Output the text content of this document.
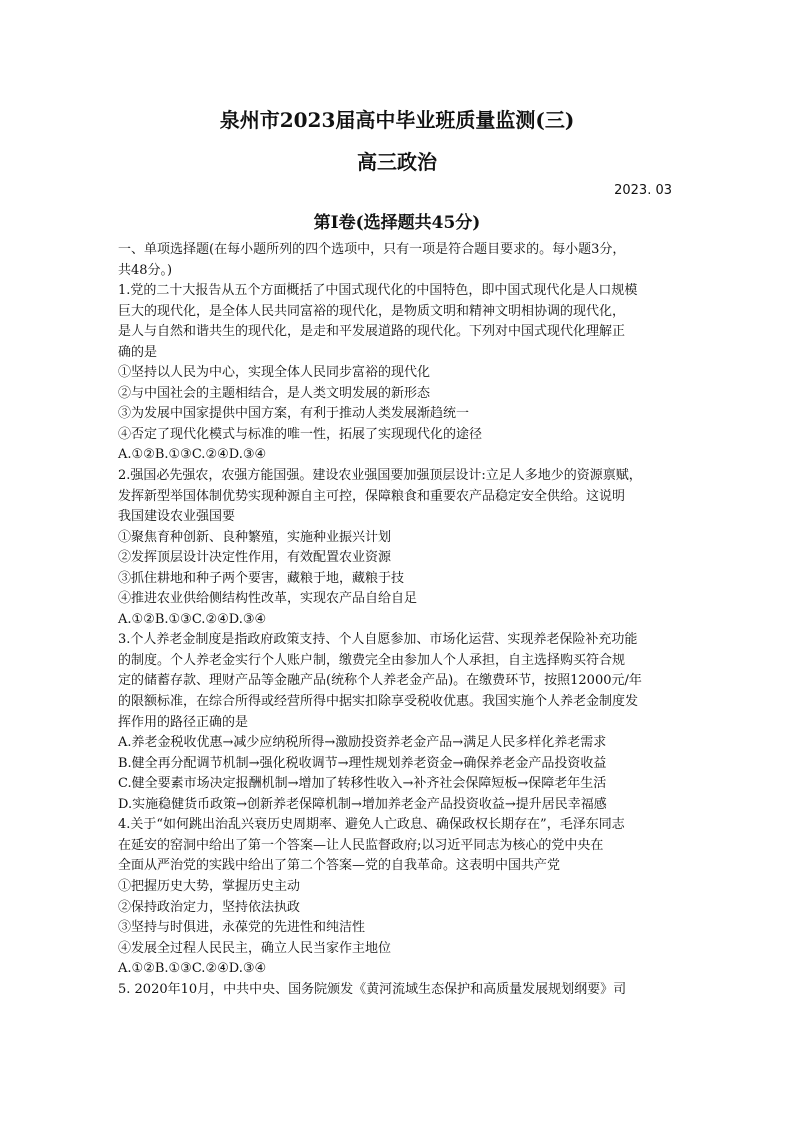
泉州市2023届高中毕业班质量监测(三)
高三政治
2023. 03
第Ⅰ卷(选择题共45分)
一、单项选择题(在每小题所列的四个选项中，只有一项是符合题目要求的。每小题3分，
共48分。)
1.党的二十大报告从五个方面概括了中国式现代化的中国特色，即中国式现代化是人口规模
巨大的现代化，是全体人民共同富裕的现代化，是物质文明和精神文明相协调的现代化，
是人与自然和谐共生的现代化，是走和平发展道路的现代化。下列对中国式现代化理解正
确的是
①坚持以人民为中心，实现全体人民同步富裕的现代化
②与中国社会的主题相结合，是人类文明发展的新形态
③为发展中国家提供中国方案，有利于推动人类发展渐趋统一
④否定了现代化模式与标准的唯一性，拓展了实现现代化的途径
A.①②B.①③C.②④D.③④
2.强国必先强农，农强方能国强。建设农业强国要加强顶层设计:立足人多地少的资源禀赋，
发挥新型举国体制优势实现种源自主可控，保障粮食和重要农产品稳定安全供给。这说明
我国建设农业强国要
①聚焦育种创新、良种繁殖，实施种业振兴计划
②发挥顶层设计决定性作用，有效配置农业资源
③抓住耕地和种子两个要害，藏粮于地，藏粮于技
④推进农业供给侧结构性改革，实现农产品自给自足
A.①②B.①③C.②④D.③④
3.个人养老金制度是指政府政策支持、个人自愿参加、市场化运营、实现养老保险补充功能
的制度。个人养老金实行个人账户制，缴费完全由参加人个人承担，自主选择购买符合规
定的储蓄存款、理财产品等金融产品(统称个人养老金产品)。在缴费环节，按照12000元/年
的限额标准，在综合所得或经营所得中据实扣除享受税收优惠。我国实施个人养老金制度发
挥作用的路径正确的是
A.养老金税收优惠→减少应纳税所得→激励投资养老金产品→满足人民多样化养老需求
B.健全再分配调节机制→强化税收调节→理性规划养老资金→确保养老金产品投资收益
C.健全要素市场决定报酬机制→增加了转移性收入→补齐社会保障短板→保障老年生活
D.实施稳健货币政策→创新养老保障机制→增加养老金产品投资收益→提升居民幸福感
4.关于“如何跳出治乱兴衰历史周期率、避免人亡政息、确保政权长期存在”，毛泽东同志
在延安的窑洞中给出了第一个答案—让人民监督政府;以习近平同志为核心的党中央在
全面从严治党的实践中给出了第二个答案—党的自我革命。这表明中国共产党
①把握历史大势，掌握历史主动
②保持政治定力，坚持依法执政
③坚持与时俱进，永葆党的先进性和纯洁性
④发展全过程人民民主，确立人民当家作主地位
A.①②B.①③C.②④D.③④
5. 2020年10月，中共中央、国务院颁发《黄河流域生态保护和高质量发展规划纲要》司
